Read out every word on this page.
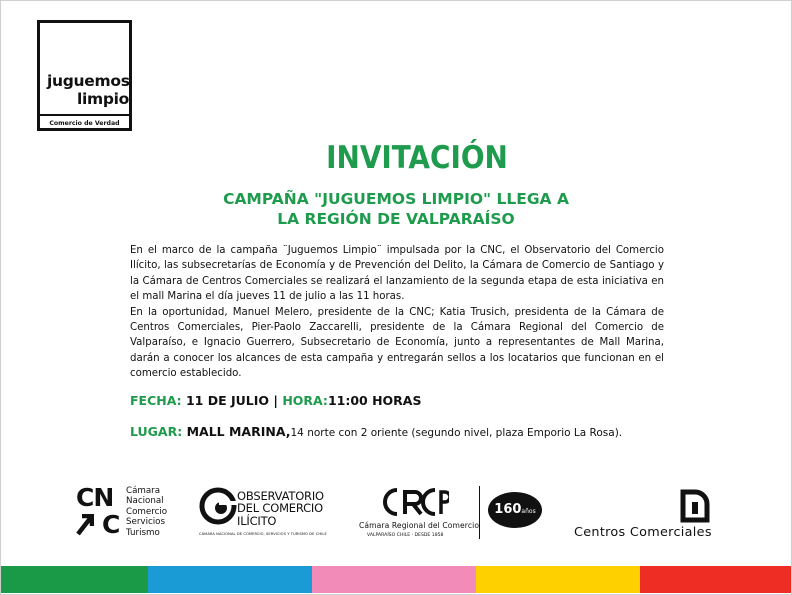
juguemos
limpio
Comercio de Verdad
INVITACIÓN
CAMPAÑA "JUGUEMOS LIMPIO" LLEGA A
LA REGIÓN DE VALPARAÍSO

En el marco de la campaña ¨Juguemos Limpio¨ impulsada por la CNC, el Observatorio del Comercio Ilícito, las subsecretarías de Economía y de Prevención del Delito, la Cámara de Comercio de Santiago y la Cámara de Centros Comerciales se realizará el lanzamiento de la segunda etapa de esta iniciativa en el mall Marina el día jueves 11 de julio a las 11 horas.

En la oportunidad, Manuel Melero, presidente de la CNC; Katia Trusich, presidenta de la Cámara de Centros Comerciales, Pier-Paolo Zaccarelli, presidente de la Cámara Regional del Comercio de Valparaíso, e Ignacio Guerrero, Subsecretario de Economía, junto a representantes de Mall Marina, darán a conocer los alcances de esta campaña y entregarán sellos a los locatarios que funcionan en el comercio establecido.

FECHA: 11 DE JULIO | HORA:11:00 HORAS
LUGAR: MALL MARINA,14 norte con 2 oriente (segundo nivel, plaza Emporio La Rosa).
CN
C
Cámara
Nacional
Comercio
Servicios
Turismo
OBSERVATORIO
DEL COMERCIO
ILÍCITO
CÁMARA NACIONAL DE COMERCIO, SERVICIOS Y TURISMO DE CHILE
Cámara Regional del Comercio
VALPARAÍSO CHILE · DESDE 1858
160años
Centros Comerciales
